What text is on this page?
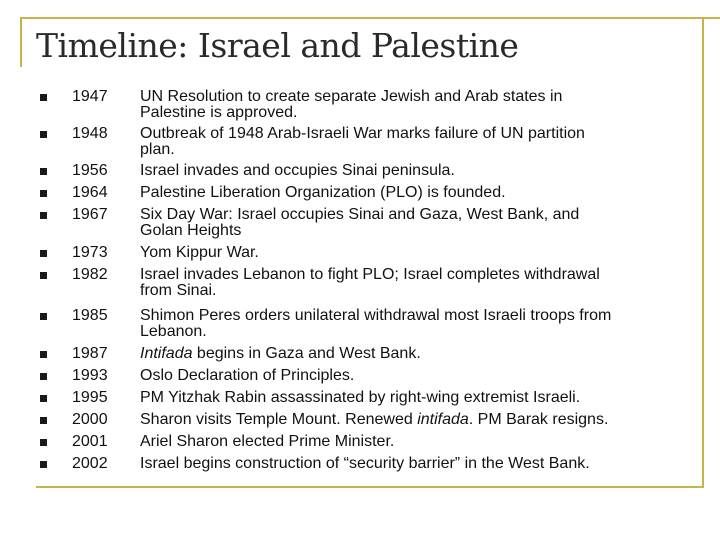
Timeline: Israel and Palestine
1947 UN Resolution to create separate Jewish and Arab states in
Palestine is approved.
1948 Outbreak of 1948 Arab-Israeli War marks failure of UN partition
plan.
1956 Israel invades and occupies Sinai peninsula.
1964 Palestine Liberation Organization (PLO) is founded.
1967 Six Day War: Israel occupies Sinai and Gaza, West Bank, and
Golan Heights
1973 Yom Kippur War.
1982 Israel invades Lebanon to fight PLO; Israel completes withdrawal
from Sinai.
1985 Shimon Peres orders unilateral withdrawal most Israeli troops from
Lebanon.
1987 Intifada begins in Gaza and West Bank.
1993 Oslo Declaration of Principles.
1995 PM Yitzhak Rabin assassinated by right-wing extremist Israeli.
2000 Sharon visits Temple Mount. Renewed intifada. PM Barak resigns.
2001 Ariel Sharon elected Prime Minister.
2002 Israel begins construction of “security barrier” in the West Bank.
